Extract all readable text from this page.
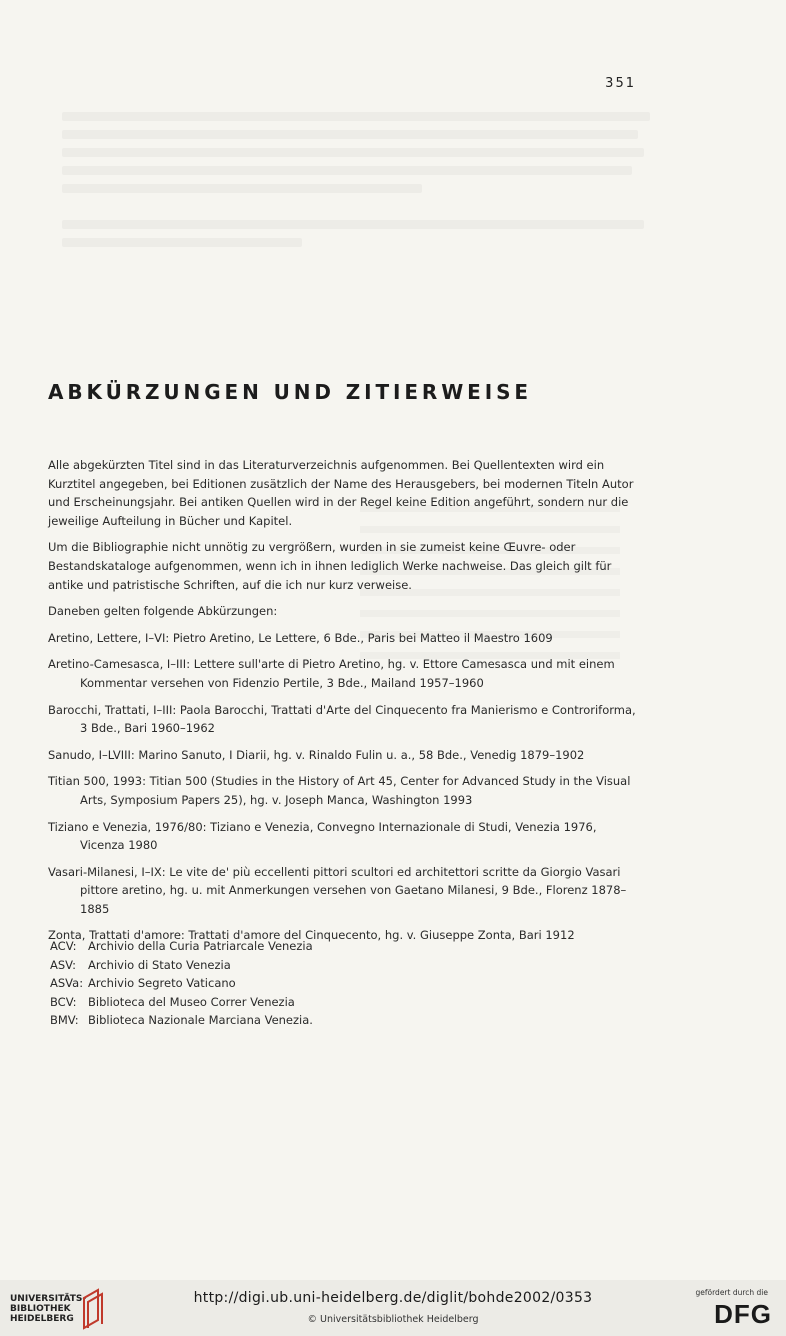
351
ABKÜRZUNGEN UND ZITIERWEISE

Alle abgekürzten Titel sind in das Literaturverzeichnis aufgenommen. Bei Quellentexten wird ein Kurztitel angegeben, bei Editionen zusätzlich der Name des Herausgebers, bei modernen Titeln Autor und Erscheinungsjahr. Bei antiken Quellen wird in der Regel keine Edition angeführt, sondern nur die jeweilige Aufteilung in Bücher und Kapitel.

Um die Bibliographie nicht unnötig zu vergrößern, wurden in sie zumeist keine Œuvre- oder Bestandskataloge aufgenommen, wenn ich in ihnen lediglich Werke nachweise. Das gleich gilt für antike und patristische Schriften, auf die ich nur kurz verweise.

Daneben gelten folgende Abkürzungen:

Aretino, Lettere, I–VI: Pietro Aretino, Le Lettere, 6 Bde., Paris bei Matteo il Maestro 1609

Aretino-Camesasca, I–III: Lettere sull'arte di Pietro Aretino, hg. v. Ettore Camesasca und mit einem Kommentar versehen von Fidenzio Pertile, 3 Bde., Mailand 1957–1960

Barocchi, Trattati, I–III: Paola Barocchi, Trattati d'Arte del Cinquecento fra Manierismo e Controriforma, 3 Bde., Bari 1960–1962

Sanudo, I–LVIII: Marino Sanuto, I Diarii, hg. v. Rinaldo Fulin u. a., 58 Bde., Venedig 1879–1902

Titian 500, 1993: Titian 500 (Studies in the History of Art 45, Center for Advanced Study in the Visual Arts, Symposium Papers 25), hg. v. Joseph Manca, Washington 1993

Tiziano e Venezia, 1976/80: Tiziano e Venezia, Convegno Internazionale di Studi, Venezia 1976, Vicenza 1980

Vasari-Milanesi, I–IX: Le vite de' più eccellenti pittori scultori ed architettori scritte da Giorgio Vasari pittore aretino, hg. u. mit Anmerkungen versehen von Gaetano Milanesi, 9 Bde., Florenz 1878–1885

Zonta, Trattati d'amore: Trattati d'amore del Cinquecento, hg. v. Giuseppe Zonta, Bari 1912

ACV:	Archivio della Curia Patriarcale Venezia
ASV:	Archivio di Stato Venezia
ASVa: Archivio Segreto Vaticano
BCV: Biblioteca del Museo Correr Venezia
BMV: Biblioteca Nazionale Marciana Venezia.
UNIVERSITÄTS-
BIBLIOTHEK
HEIDELBERG
http://digi.ub.uni-heidelberg.de/diglit/bohde2002/0353
© Universitätsbibliothek Heidelberg
gefördert durch die
DFG
